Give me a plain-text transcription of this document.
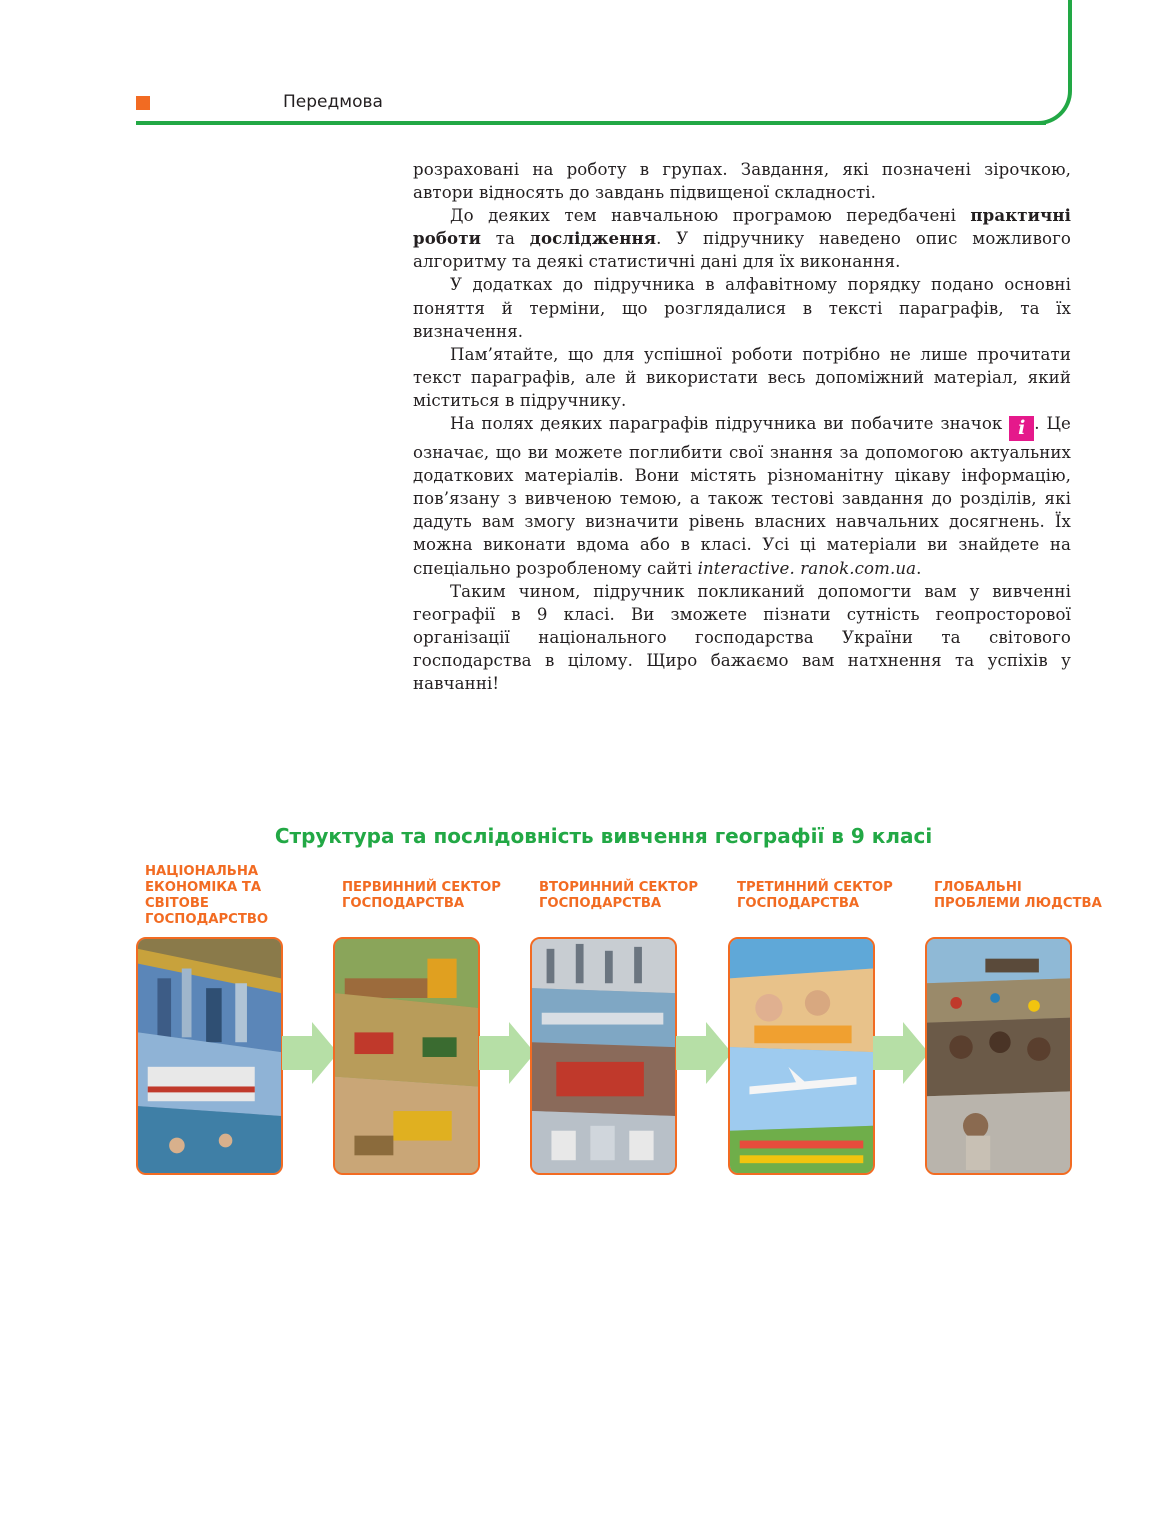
Передмова

розраховані на роботу в групах. Завдання, які позначені зірочкою, автори відносять до завдань підвищеної складності.

До деяких тем навчальною програмою передбачені практичні роботи та дослідження. У підручнику наведено опис можливого алгоритму та деякі статистичні дані для їх виконання.

У додатках до підручника в алфавітному порядку подано основні поняття й терміни, що розглядалися в тексті параграфів, та їх визначення.

Пам’ятайте, що для успішної роботи потрібно не лише прочитати текст параграфів, але й використати весь допоміжний матеріал, який міститься в підручнику.

На полях деяких параграфів підручника ви побачите значок i . Це означає, що ви можете поглибити свої знання за допомогою актуальних додаткових матеріалів. Вони містять різноманітну цікаву інформацію, пов’язану з вивченою темою, а також тестові завдання до розділів, які дадуть вам змогу визначити рівень власних навчальних досягнень. Їх можна виконати вдома або в класі. Усі ці матеріали ви знайдете на спеціально розробленому сайті interactive. ranok.com.ua.

Таким чином, підручник покликаний допомогти вам у вивченні географії в 9 класі. Ви зможете пізнати сутність геопросторової організації національного господарства України та світового господарства в цілому. Щиро бажаємо вам натхнення та успіхів у навчанні!

Структура та послідовність вивчення географії в 9 класі
НАЦІОНАЛЬНА ЕКОНОМІКА ТА СВІТОВЕ ГОСПОДАРСТВО
ПЕРВИННИЙ СЕКТОР ГОСПОДАРСТВА
ВТОРИННИЙ СЕКТОР ГОСПОДАРСТВА
ТРЕТИННИЙ СЕКТОР ГОСПОДАРСТВА
ГЛОБАЛЬНІ ПРОБЛЕМИ ЛЮДСТВА
